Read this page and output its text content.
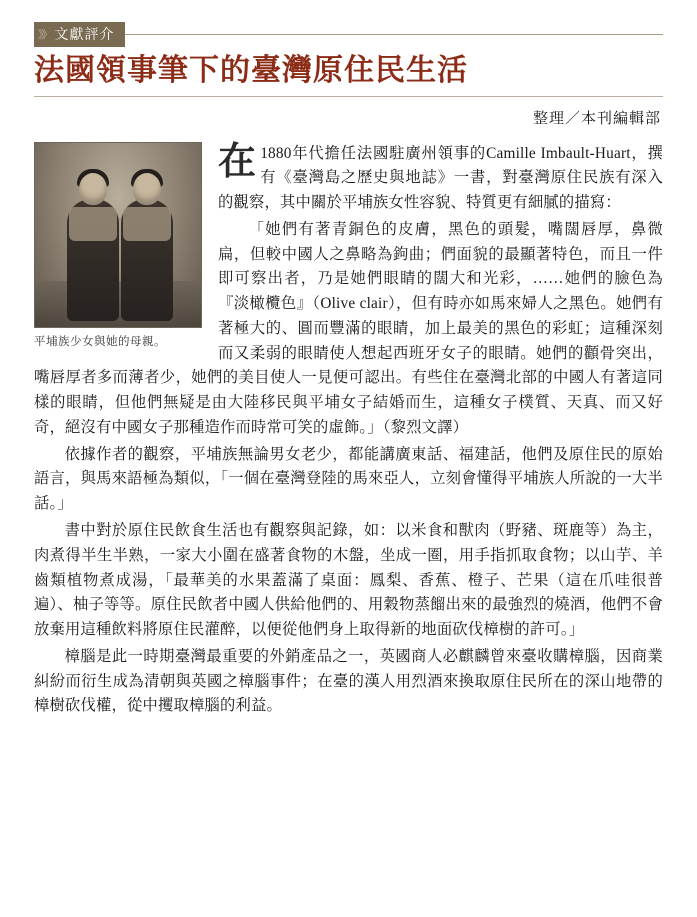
》》 文獻評介
法國領事筆下的臺灣原住民生活
整理／本刊編輯部
平埔族少女與她的母親。

在 1880年代擔任法國駐廣州領事的Camille Imbault-Huart，撰有《臺灣島之歷史與地誌》一書，對臺灣原住民族有深入的觀察，其中關於平埔族女性容貌、特質更有細膩的描寫：

「她們有著青銅色的皮膚，黑色的頭髮，嘴闊唇厚，鼻微扁，但較中國人之鼻略為鉤曲；們面貌的最顯著特色，而且一件即可察出者，乃是她們眼睛的闊大和光彩，……她們的臉色為『淡橄欖色』（Olive clair），但有時亦如馬來婦人之黑色。她們有著極大的、圓而豐滿的眼睛，加上最美的黑色的彩虹；這種深刻而又柔弱的眼睛使人想起西班牙女子的眼睛。她們的顴骨突出，嘴唇厚者多而薄者少，她們的美目使人一見便可認出。有些住在臺灣北部的中國人有著這同樣的眼睛，但他們無疑是由大陸移民與平埔女子結婚而生，這種女子樸質、天真、而又好奇，絕沒有中國女子那種造作而時常可笑的虛飾。」（黎烈文譯）

依據作者的觀察，平埔族無論男女老少，都能講廣東話、福建話，他們及原住民的原始語言，與馬來語極為類似，「一個在臺灣登陸的馬來亞人，立刻會懂得平埔族人所說的一大半話。」

書中對於原住民飲食生活也有觀察與記錄，如：以米食和獸肉（野豬、斑鹿等）為主，肉煮得半生半熟，一家大小圍在盛著食物的木盤，坐成一圈，用手指抓取食物；以山芋、羊齒類植物煮成湯，「最華美的水果蓋滿了桌面：鳳梨、香蕉、橙子、芒果（這在爪哇很普遍）、柚子等等。原住民飲者中國人供給他們的、用穀物蒸餾出來的最強烈的燒酒，他們不會放棄用這種飲料將原住民灌醉，以便從他們身上取得新的地面砍伐樟樹的許可。」

樟腦是此一時期臺灣最重要的外銷產品之一，英國商人必麒麟曾來臺收購樟腦，因商業糾紛而衍生成為清朝與英國之樟腦事件；在臺的漢人用烈酒來換取原住民所在的深山地帶的樟樹砍伐權，從中攫取樟腦的利益。
